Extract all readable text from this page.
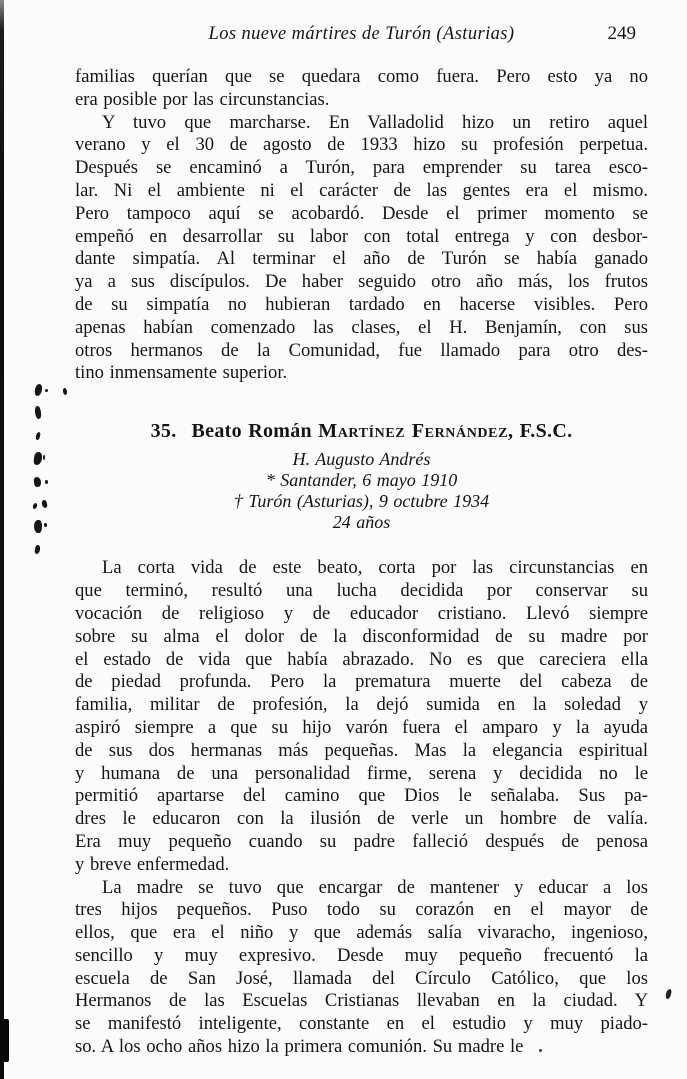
Los nueve mártires de Turón (Asturias)	249
familias querían que se quedara como fuera. Pero esto ya no
era posible por las circunstancias.
Y tuvo que marcharse. En Valladolid hizo un retiro aquel
verano y el 30 de agosto de 1933 hizo su profesión perpetua.
Después se encaminó a Turón, para emprender su tarea esco-
lar. Ni el ambiente ni el carácter de las gentes era el mismo.
Pero tampoco aquí se acobardó. Desde el primer momento se
empeñó en desarrollar su labor con total entrega y con desbor-
dante simpatía. Al terminar el año de Turón se había ganado
ya a sus discípulos. De haber seguido otro año más, los frutos
de su simpatía no hubieran tardado en hacerse visibles. Pero
apenas habían comenzado las clases, el H. Benjamín, con sus
otros hermanos de la Comunidad, fue llamado para otro des-
tino inmensamente superior.
35. Beato Román Martínez Fernández, F.S.C.
H. Augusto Andrés
* Santander, 6 mayo 1910
† Turón (Asturias), 9 octubre 1934
24 años
La corta vida de este beato, corta por las circunstancias en
que terminó, resultó una lucha decidida por conservar su
vocación de religioso y de educador cristiano. Llevó siempre
sobre su alma el dolor de la disconformidad de su madre por
el estado de vida que había abrazado. No es que careciera ella
de piedad profunda. Pero la prematura muerte del cabeza de
familia, militar de profesión, la dejó sumida en la soledad y
aspiró siempre a que su hijo varón fuera el amparo y la ayuda
de sus dos hermanas más pequeñas. Mas la elegancia espiritual
y humana de una personalidad firme, serena y decidida no le
permitió apartarse del camino que Dios le señalaba. Sus pa-
dres le educaron con la ilusión de verle un hombre de valía.
Era muy pequeño cuando su padre falleció después de penosa
y breve enfermedad.
La madre se tuvo que encargar de mantener y educar a los
tres hijos pequeños. Puso todo su corazón en el mayor de
ellos, que era el niño y que además salía vivaracho, ingenioso,
sencillo y muy expresivo. Desde muy pequeño frecuentó la
escuela de San José, llamada del Círculo Católico, que los
Hermanos de las Escuelas Cristianas llevaban en la ciudad. Y
se manifestó inteligente, constante en el estudio y muy piado-
so. A los ocho años hizo la primera comunión. Su madre le
